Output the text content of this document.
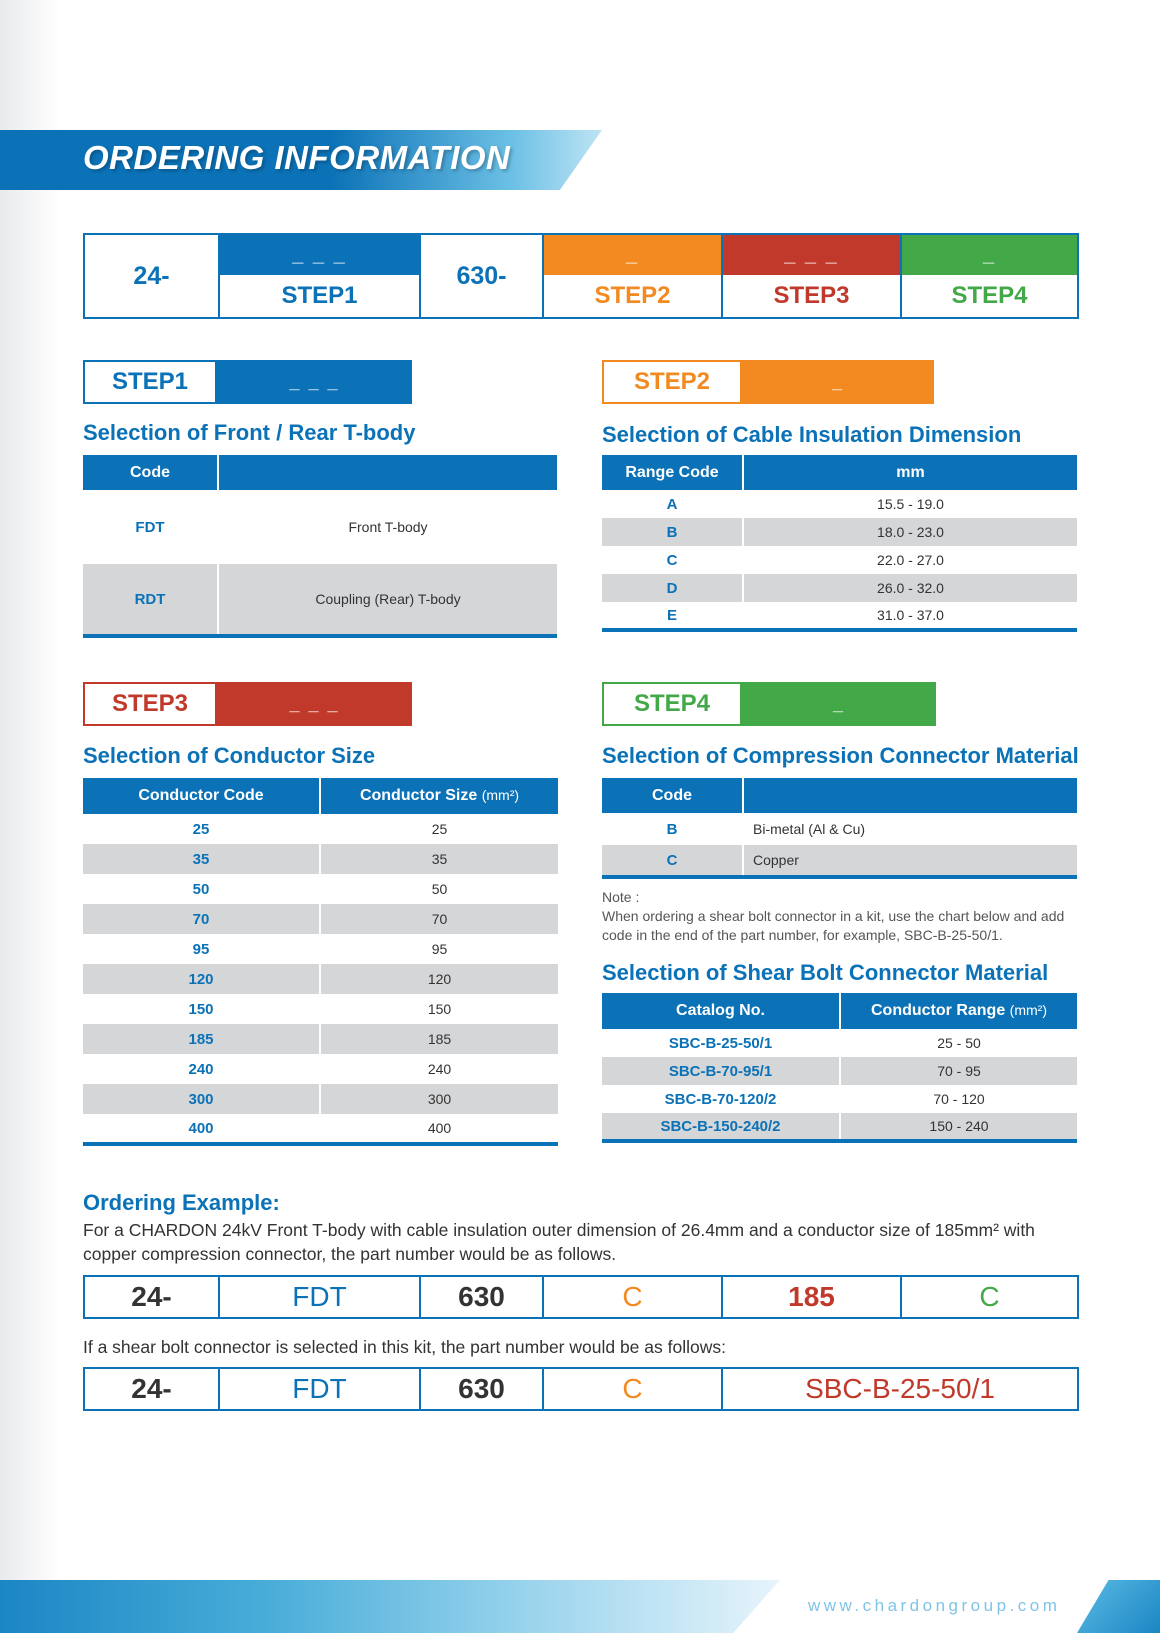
ORDERING INFORMATION
24-
_ _ _
STEP1
630-
_
STEP2
_ _ _
STEP3
_
STEP4
STEP1	_ _ _
Selection of Front / Rear T-body
Code	
FDT	Front T-body
RDT	Coupling (Rear) T-body
STEP2	_
Selection of Cable Insulation Dimension
Range Code	mm
A	15.5 - 19.0
B	18.0 - 23.0
C	22.0 - 27.0
D	26.0 - 32.0
E	31.0 - 37.0
STEP3	_ _ _
Selection of Conductor Size
Conductor Code	Conductor Size (mm²)
25	25
35	35
50	50
70	70
95	95
120	120
150	150
185	185
240	240
300	300
400	400
STEP4	_
Selection of Compression Connector Material
Code	
B	Bi-metal (Al & Cu)
C	Copper
Note :
When ordering a shear bolt connector in a kit, use the chart below and add code in the end of the part number, for example, SBC-B-25-50/1.
Selection of Shear Bolt Connector Material
Catalog No.	Conductor Range (mm²)
SBC-B-25-50/1	25 - 50
SBC-B-70-95/1	70 - 95
SBC-B-70-120/2	70 - 120
SBC-B-150-240/2	150 - 240
Ordering Example:
For a CHARDON 24kV Front T-body with cable insulation outer dimension of 26.4mm and a conductor size of 185mm² with copper compression connector, the part number would be as follows.
24-	FDT	630	C	185	C
If a shear bolt connector is selected in this kit, the part number would be as follows:
24-	FDT	630	C	SBC-B-25-50/1
www.chardongroup.com
